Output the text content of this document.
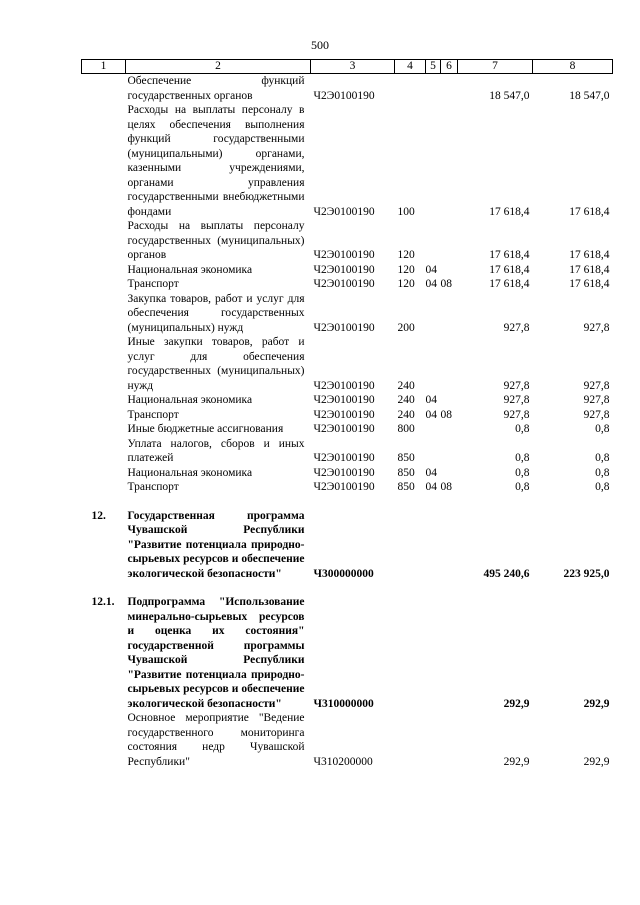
500
1	2	3	4	5	6	7	8
	Обеспечение функций государственных органов	Ч2Э0100190				18 547,0	18 547,0
	Расходы на выплаты персоналу в целях обеспечения выполнения функций государственными (муниципальными) органами, казенными учреждениями, органами управления государственными внебюджетными фондами	Ч2Э0100190	100			17 618,4	17 618,4
	Расходы на выплаты персоналу государственных (муниципальных) органов	Ч2Э0100190	120			17 618,4	17 618,4
	Национальная экономика	Ч2Э0100190	120	04		17 618,4	17 618,4
	Транспорт	Ч2Э0100190	120	04	08	17 618,4	17 618,4
	Закупка товаров, работ и услуг для обеспечения государственных (муниципальных) нужд	Ч2Э0100190	200			927,8	927,8
	Иные закупки товаров, работ и услуг для обеспечения государственных (муниципальных) нужд	Ч2Э0100190	240			927,8	927,8
	Национальная экономика	Ч2Э0100190	240	04		927,8	927,8
	Транспорт	Ч2Э0100190	240	04	08	927,8	927,8
	Иные бюджетные ассигнования	Ч2Э0100190	800			0,8	0,8
	Уплата налогов, сборов и иных платежей	Ч2Э0100190	850			0,8	0,8
	Национальная экономика	Ч2Э0100190	850	04		0,8	0,8
	Транспорт	Ч2Э0100190	850	04	08	0,8	0,8

12.	Государственная программа Чувашской Республики "Развитие потенциала природно-сырьевых ресурсов и обеспечение экологической безопасности"	Ч300000000				495 240,6	223 925,0

12.1.	Подпрограмма "Использование минерально-сырьевых ресурсов и оценка их состояния" государственной программы Чувашской Республики "Развитие потенциала природно-сырьевых ресурсов и обеспечение экологической безопасности"	Ч310000000				292,9	292,9
	Основное мероприятие "Ведение государственного мониторинга состояния недр Чувашской Республики"	Ч310200000				292,9	292,9
